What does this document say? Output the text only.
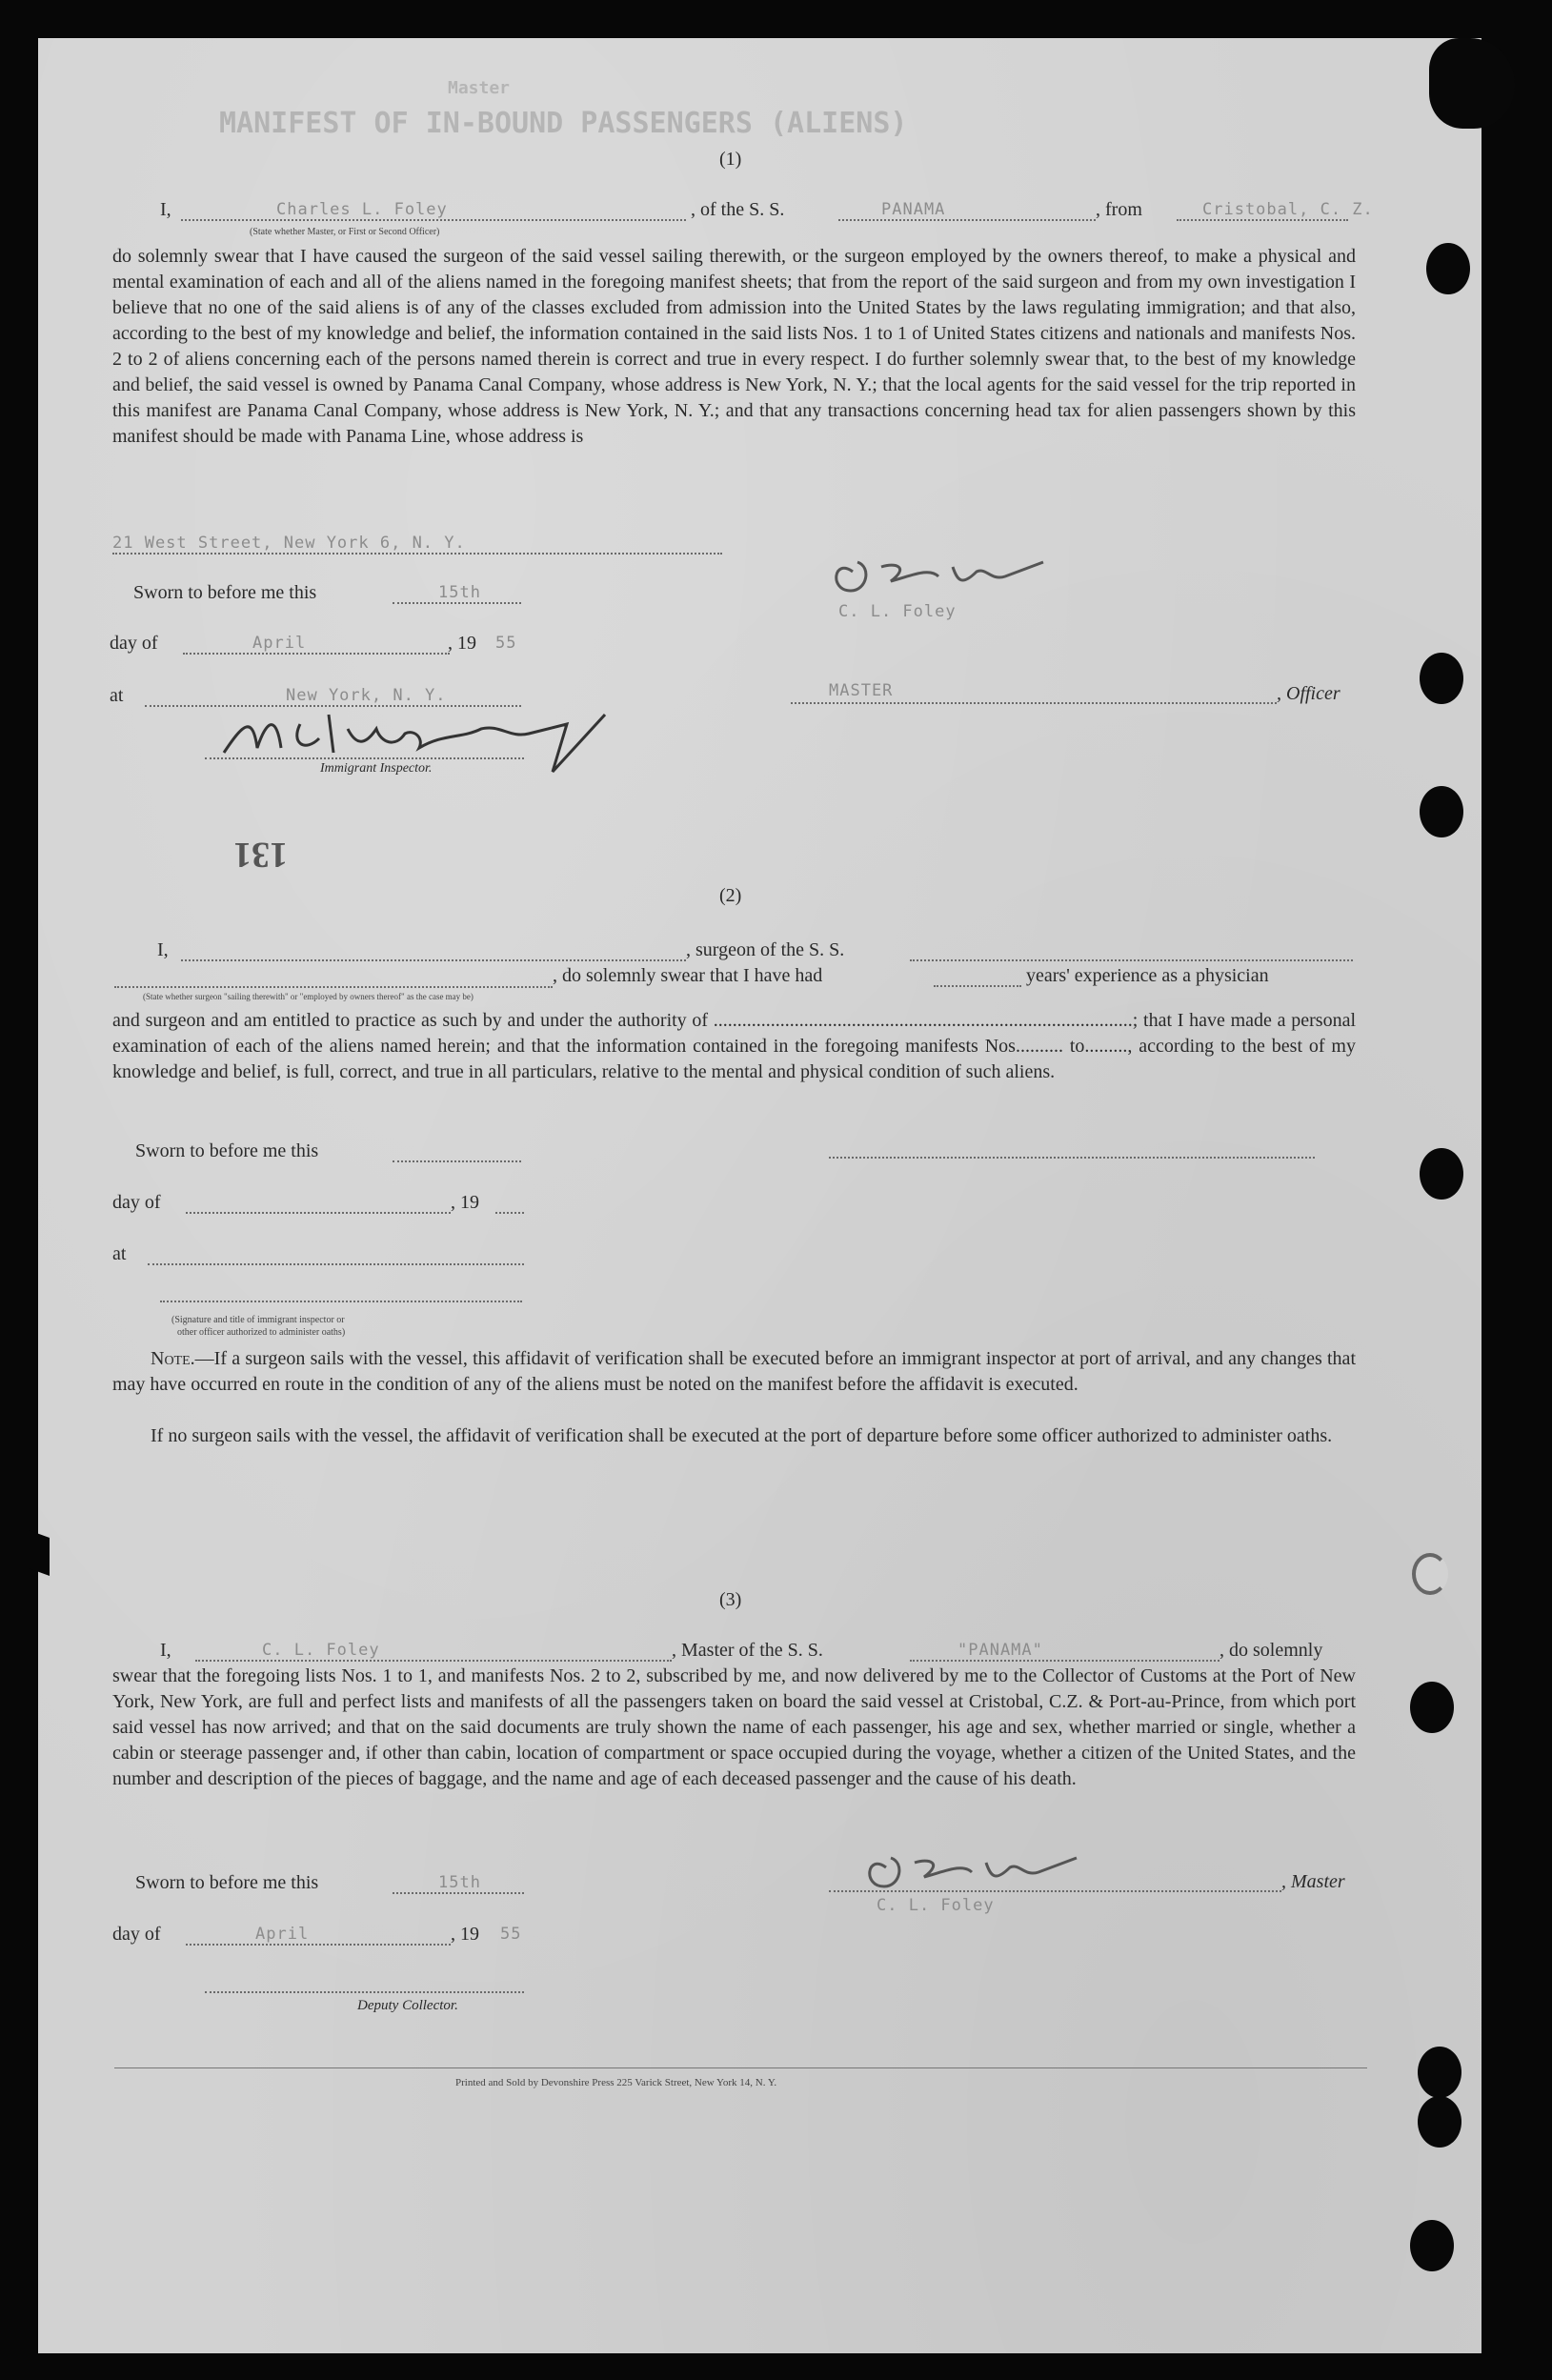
Master
MANIFEST OF IN-BOUND PASSENGERS (ALIENS)
(1)
I,	Charles L. Foley	, of the S. S.	PANAMA	, from	Cristobal, C. Z.
(State whether Master, or First or Second Officer)
do solemnly swear that I have caused the surgeon of the said vessel sailing therewith, or the surgeon employed by the owners thereof, to make a physical and mental examination of each and all of the aliens named in the foregoing manifest sheets; that from the report of the said surgeon and from my own investigation I believe that no one of the said aliens is of any of the classes excluded from admission into the United States by the laws regulating immigration; and that also, according to the best of my knowledge and belief, the information contained in the said lists Nos. 1 to 1 of United States citizens and nationals and manifests Nos. 2 to 2 of aliens concerning each of the persons named therein is correct and true in every respect. I do further solemnly swear that, to the best of my knowledge and belief, the said vessel is owned by Panama Canal Company, whose address is New York, N. Y.; that the local agents for the said vessel for the trip reported in this manifest are Panama Canal Company, whose address is New York, N. Y.; and that any transactions concerning head tax for alien passengers shown by this manifest should be made with Panama Line, whose address is
21 West Street, New York 6, N. Y.
C. L. Foley
Sworn to before me this	15th
day of	April	, 19 55
at	New York, N. Y.	MASTER	, Officer
Immigrant Inspector.
131
(2)
I,	, surgeon of the S. S.
, do solemnly swear that I have had	years' experience as a physician
(State whether surgeon "sailing therewith" or "employed by owners thereof" as the case may be)
and surgeon and am entitled to practice as such by and under the authority of ........................................................................................; that I have made a personal examination of each of the aliens named herein; and that the information contained in the foregoing manifests Nos.......... to........., according to the best of my knowledge and belief, is full, correct, and true in all particulars, relative to the mental and physical condition of such aliens.
Sworn to before me this
day of	, 19
at
(Signature and title of immigrant inspector or
other officer authorized to administer oaths)
Note.—If a surgeon sails with the vessel, this affidavit of verification shall be executed before an immigrant inspector at port of arrival, and any changes that may have occurred en route in the condition of any of the aliens must be noted on the manifest before the affidavit is executed.
If no surgeon sails with the vessel, the affidavit of verification shall be executed at the port of departure before some officer authorized to administer oaths.
(3)
I,	C. L. Foley	, Master of the S. S.	"PANAMA"	, do solemnly
swear that the foregoing lists Nos. 1 to 1, and manifests Nos. 2 to 2, subscribed by me, and now delivered by me to the Collector of Customs at the Port of New York, New York, are full and perfect lists and manifests of all the passengers taken on board the said vessel at Cristobal, C.Z. & Port-au-Prince, from which port said vessel has now arrived; and that on the said documents are truly shown the name of each passenger, his age and sex, whether married or single, whether a cabin or steerage passenger and, if other than cabin, location of compartment or space occupied during the voyage, whether a citizen of the United States, and the number and description of the pieces of baggage, and the name and age of each deceased passenger and the cause of his death.
Sworn to before me this	15th	, Master
C. L. Foley
day of	April	, 19 55
Deputy Collector.
Printed and Sold by Devonshire Press 225 Varick Street, New York 14, N. Y.
